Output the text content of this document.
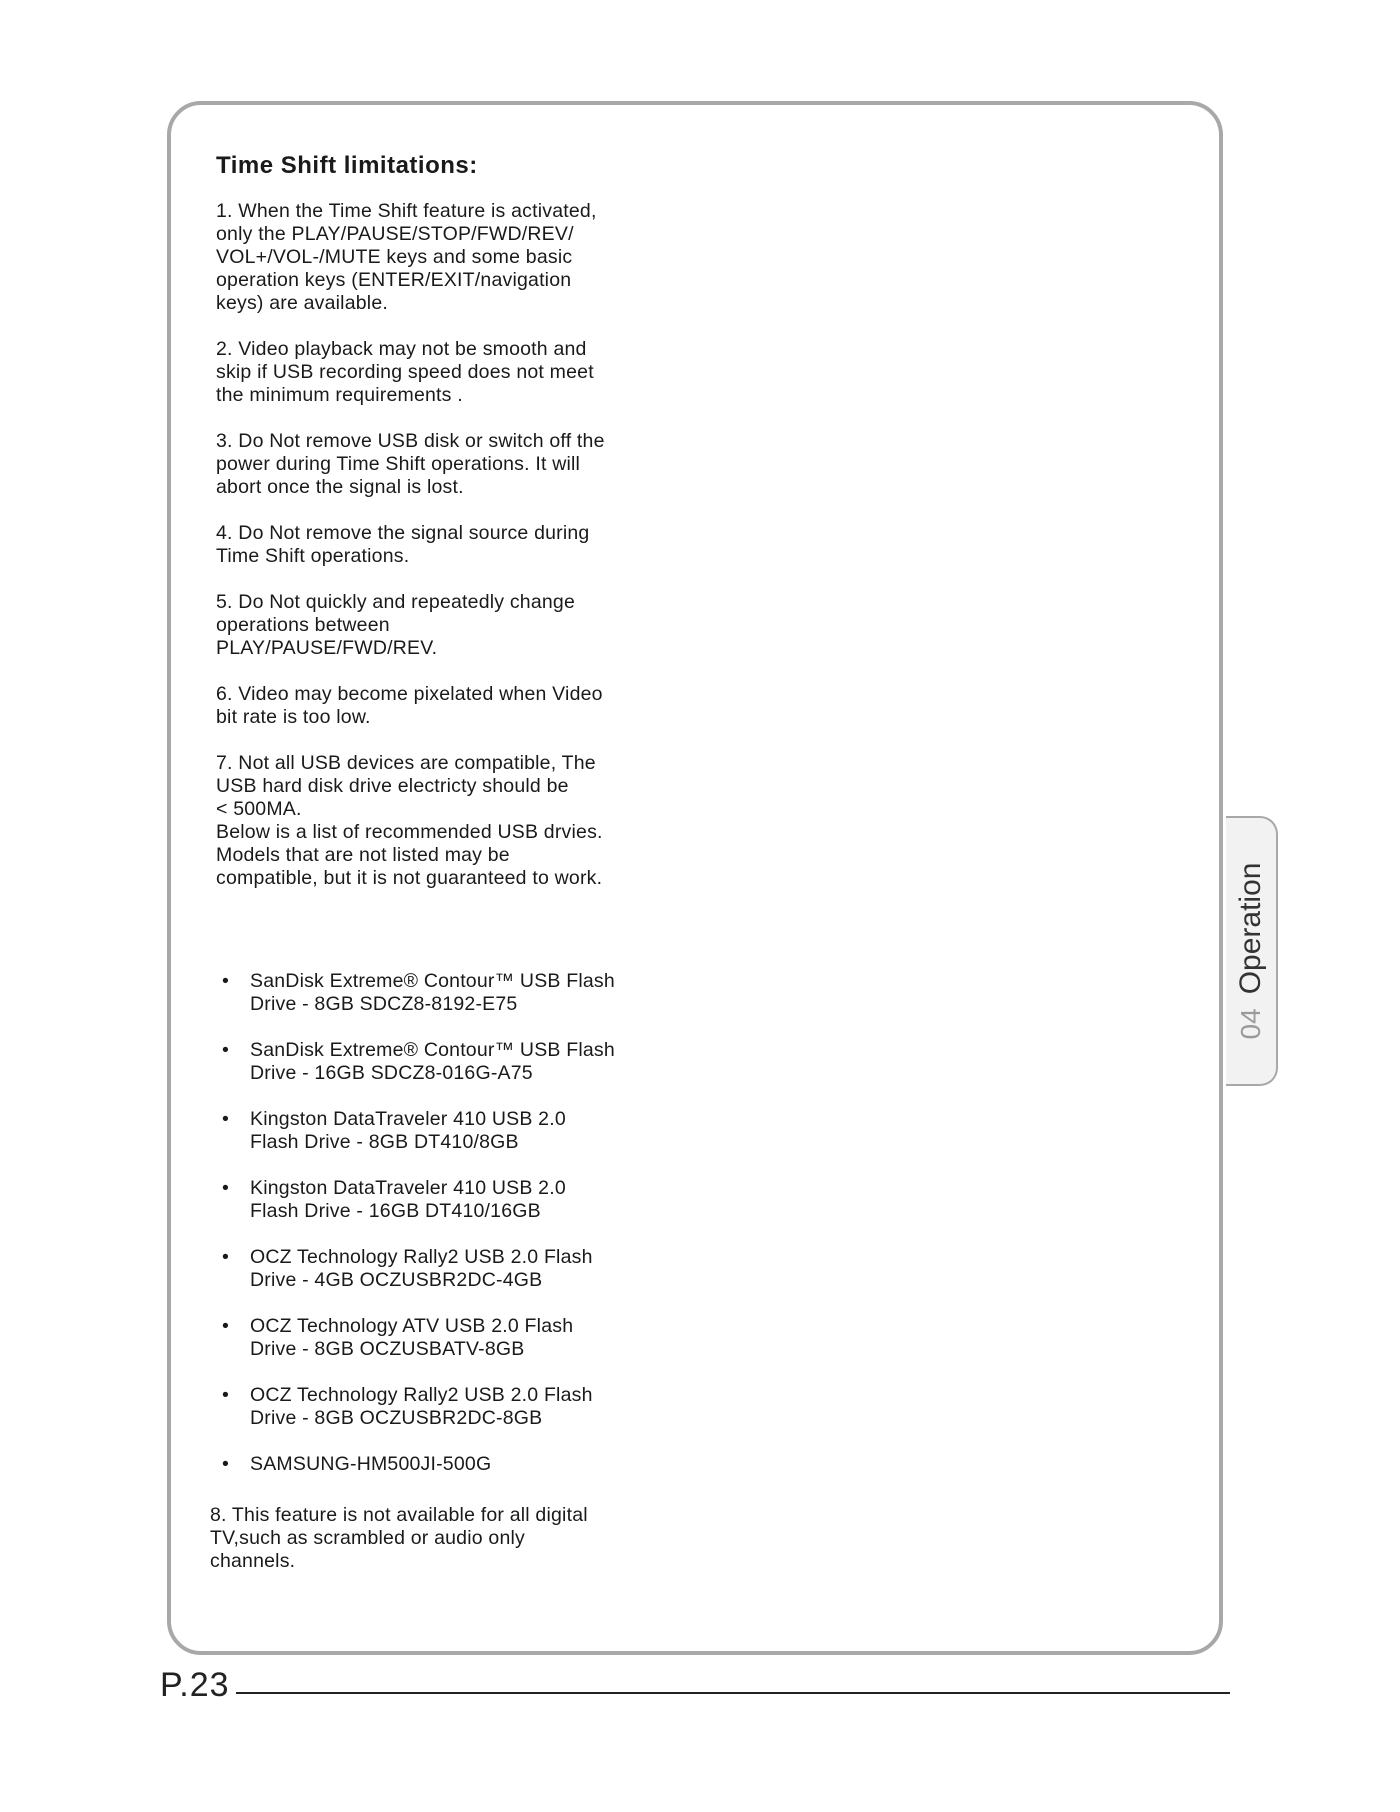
Time Shift limitations:
1. When the Time Shift feature is activated,
only the PLAY/PAUSE/STOP/FWD/REV/
VOL+/VOL-/MUTE keys and some basic
operation keys (ENTER/EXIT/navigation
keys) are available.
2. Video playback may not be smooth and
skip if USB recording speed does not meet
the minimum requirements .
3. Do Not remove USB disk or switch off the
power during Time Shift operations. It will
abort once the signal is lost.
4. Do Not remove the signal source during
Time Shift operations.
5. Do Not quickly and repeatedly change
operations between
PLAY/PAUSE/FWD/REV.
6. Video may become pixelated when Video
bit rate is too low.
7. Not all USB devices are compatible, The
USB hard disk drive electricty should be
< 500MA.
Below is a list of recommended USB drvies.
Models that are not listed may be
compatible, but it is not guaranteed to work.
• SanDisk Extreme® Contour™ USB Flash
Drive - 8GB SDCZ8-8192-E75
• SanDisk Extreme® Contour™ USB Flash
Drive - 16GB SDCZ8-016G-A75
• Kingston DataTraveler 410 USB 2.0
Flash Drive - 8GB DT410/8GB
• Kingston DataTraveler 410 USB 2.0
Flash Drive - 16GB DT410/16GB
• OCZ Technology Rally2 USB 2.0 Flash
Drive - 4GB OCZUSBR2DC-4GB
• OCZ Technology ATV USB 2.0 Flash
Drive - 8GB OCZUSBATV-8GB
• OCZ Technology Rally2 USB 2.0 Flash
Drive - 8GB OCZUSBR2DC-8GB
• SAMSUNG-HM500JI-500G
8. This feature is not available for all digital
TV,such as scrambled or audio only
channels.
04Operation
P.23
